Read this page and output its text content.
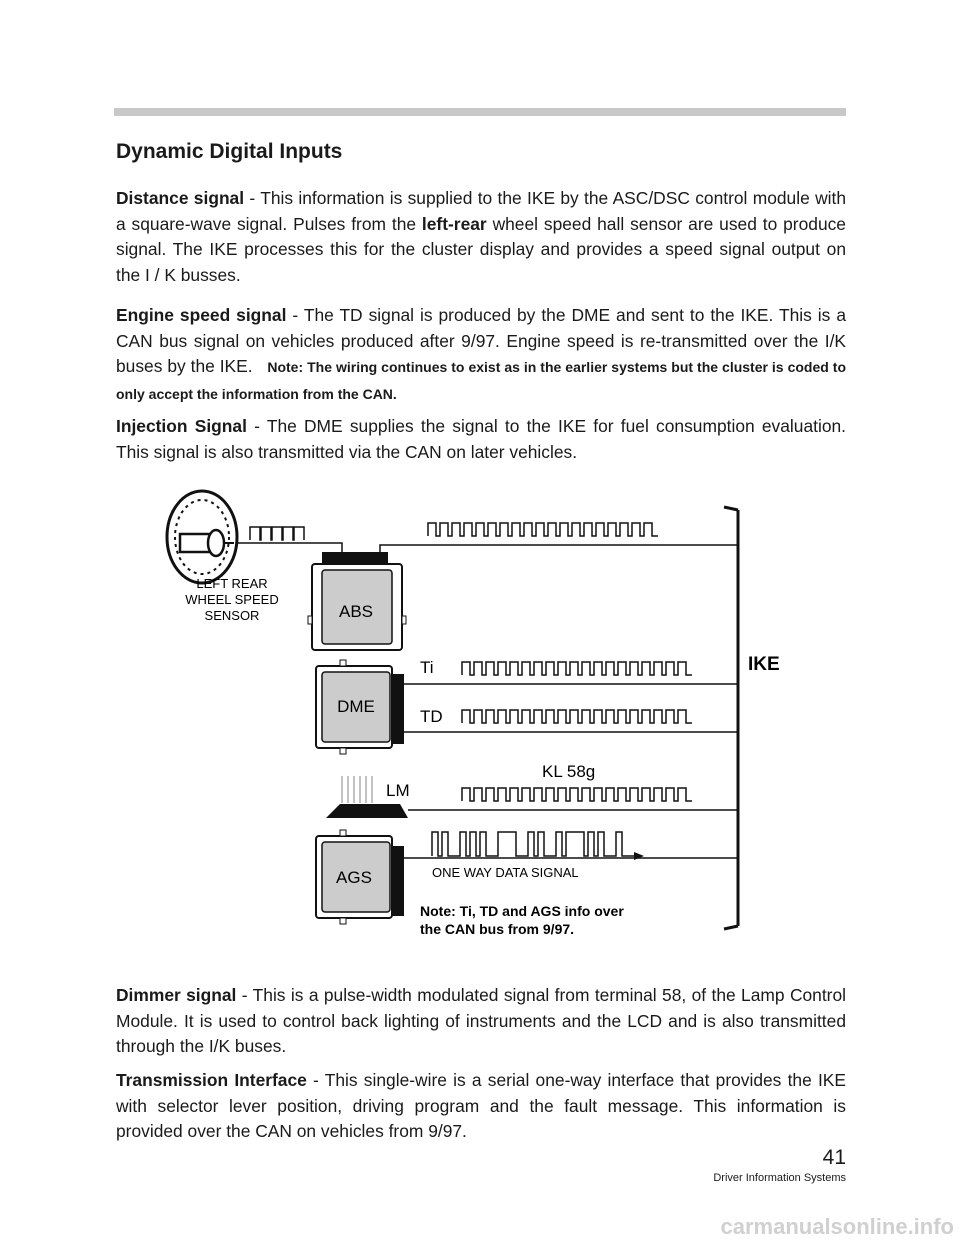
Dynamic Digital Inputs

Distance signal - This information is supplied to the IKE by the ASC/DSC control module with a square-wave signal. Pulses from the left-rear wheel speed hall sensor are used to produce signal. The IKE processes this for the cluster display and provides a speed signal output on the I / K busses.

Engine speed signal - The TD signal is produced by the DME and sent to the IKE. This is a CAN bus signal on vehicles produced after 9/97. Engine speed is re-transmitted over the I/K buses by the IKE. Note: The wiring continues to exist as in the earlier systems but the cluster is coded to only accept the information from the CAN.

Injection Signal - The DME supplies the signal to the IKE for fuel consumption evaluation. This signal is also transmitted via the CAN on later vehicles.

LEFT REAR
WHEEL SPEED
SENSOR	ABS
IKE
DME
Ti
TD
KL 58g
LM
AGS	ONE WAY DATA SIGNAL
Note: Ti, TD and AGS info over
the CAN bus from 9/97.

Dimmer signal - This is a pulse-width modulated signal from terminal 58, of the Lamp Control Module. It is used to control back lighting of instruments and the LCD and is also transmitted through the I/K buses.

Transmission Interface - This single-wire is a serial one-way interface that provides the IKE with selector lever position, driving program and the fault message. This information is provided over the CAN on vehicles from 9/97.

41
Driver Information Systems
carmanualsonline.info
